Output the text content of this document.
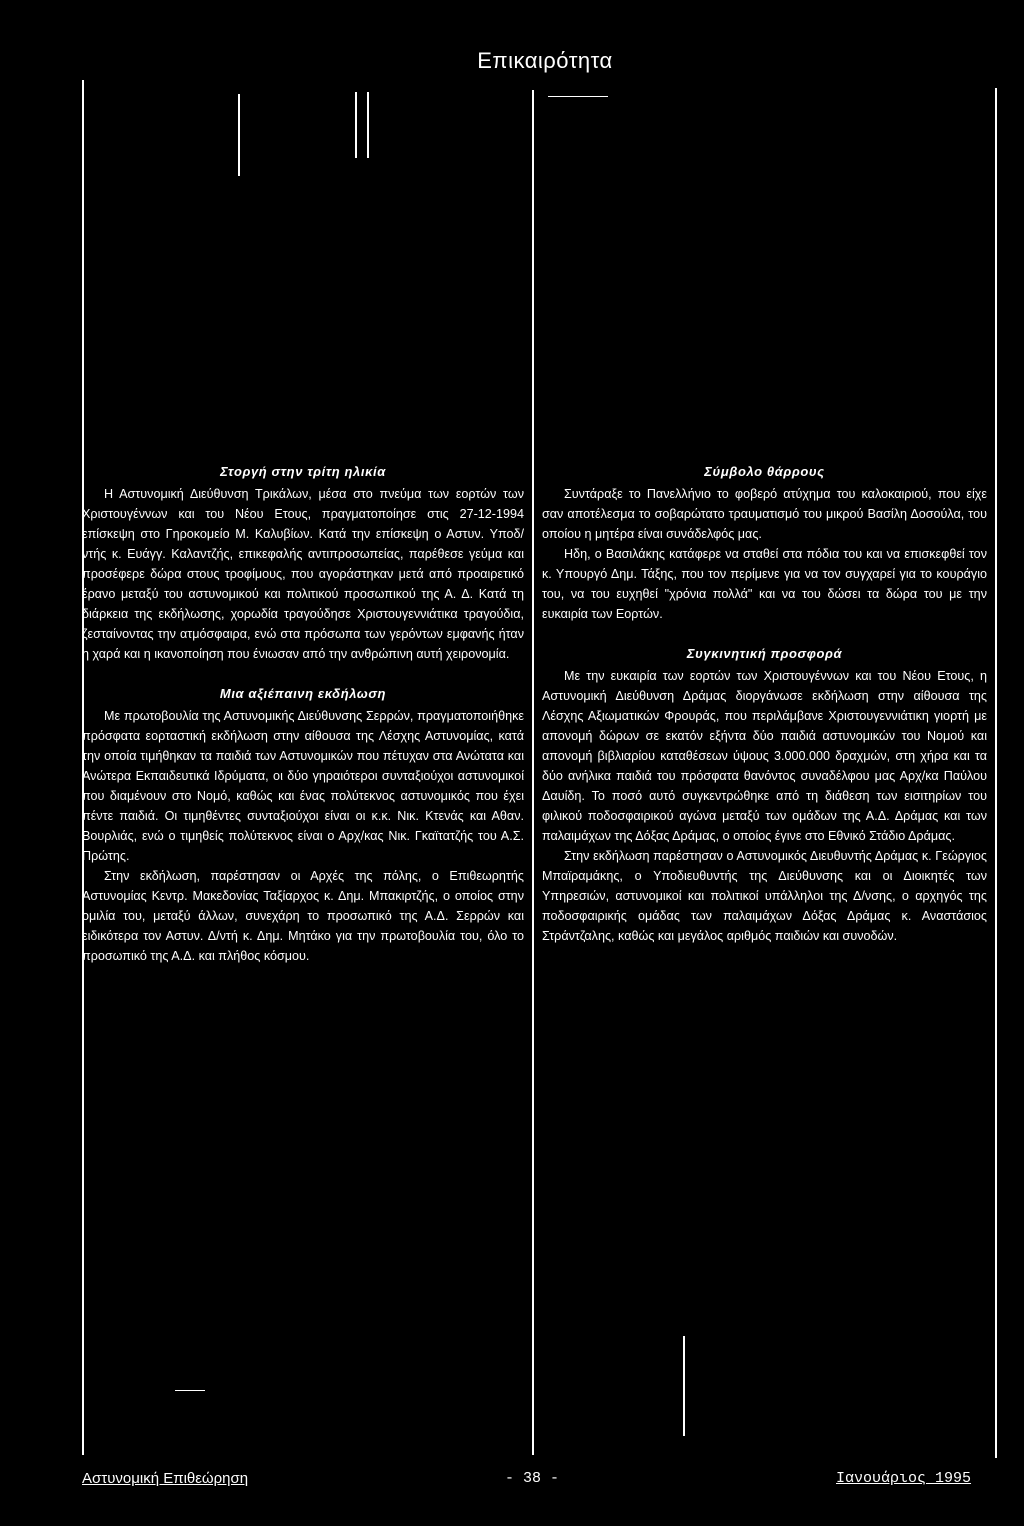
Επικαιρότητα
Στοργή στην τρίτη ηλικία

Η Αστυνομική Διεύθυνση Τρικάλων, μέσα στο πνεύμα των εορτών των Χριστουγέννων και του Νέου Ετους, πραγματοποίησε στις 27-12-1994 επίσκεψη στο Γηροκομείο Μ. Καλυβίων. Κατά την επίσκεψη ο Αστυν. Υποδ/ντής κ. Ευάγγ. Καλαντζής, επικεφαλής αντιπροσωπείας, παρέθεσε γεύμα και προσέφερε δώρα στους τροφίμους, που αγοράστηκαν μετά από προαιρετικό έρανο μεταξύ του αστυνομικού και πολιτικού προσωπικού της Α. Δ. Κατά τη διάρκεια της εκδήλωσης, χορωδία τραγούδησε Χριστουγεννιάτικα τραγούδια, ζεσταίνοντας την ατμόσφαιρα, ενώ στα πρόσωπα των γερόντων εμφανής ήταν η χαρά και η ικανοποίηση που ένιωσαν από την ανθρώπινη αυτή χειρονομία.

Μια αξιέπαινη εκδήλωση

Με πρωτοβουλία της Αστυνομικής Διεύθυνσης Σερρών, πραγματοποιήθηκε πρόσφατα εορταστική εκδήλωση στην αίθουσα της Λέσχης Αστυνομίας, κατά την οποία τιμήθηκαν τα παιδιά των Αστυνομικών που πέτυχαν στα Ανώτατα και Ανώτερα Εκπαιδευτικά Ιδρύματα, οι δύο γηραιότεροι συνταξιούχοι αστυνομικοί που διαμένουν στο Νομό, καθώς και ένας πολύτεκνος αστυνομικός που έχει πέντε παιδιά. Οι τιμηθέντες συνταξιούχοι είναι οι κ.κ. Νικ. Κτενάς και Αθαν. Βουρλιάς, ενώ ο τιμηθείς πολύτεκνος είναι ο Αρχ/κας Νικ. Γκαϊτατζής του Α.Σ. Πρώτης.

Στην εκδήλωση, παρέστησαν οι Αρχές της πόλης, ο Επιθεωρητής Αστυνομίας Κεντρ. Μακεδονίας Ταξίαρχος κ. Δημ. Μπακιρτζής, ο οποίος στην ομιλία του, μεταξύ άλλων, συνεχάρη το προσωπικό της Α.Δ. Σερρών και ειδικότερα τον Αστυν. Δ/ντή κ. Δημ. Μητάκο για την πρωτοβουλία του, όλο το προσωπικό της Α.Δ. και πλήθος κόσμου.

Σύμβολο θάρρους

Συντάραξε το Πανελλήνιο το φοβερό ατύχημα του καλοκαιριού, που είχε σαν αποτέλεσμα το σοβαρώτατο τραυματισμό του μικρού Βασίλη Δοσούλα, του οποίου η μητέρα είναι συνάδελφός μας.

Ηδη, ο Βασιλάκης κατάφερε να σταθεί στα πόδια του και να επισκεφθεί τον κ. Υπουργό Δημ. Τάξης, που τον περίμενε για να τον συγχαρεί για το κουράγιο του, να του ευχηθεί "χρόνια πολλά" και να του δώσει τα δώρα του με την ευκαιρία των Εορτών.

Συγκινητική προσφορά

Με την ευκαιρία των εορτών των Χριστουγέννων και του Νέου Ετους, η Αστυνομική Διεύθυνση Δράμας διοργάνωσε εκδήλωση στην αίθουσα της Λέσχης Αξιωματικών Φρουράς, που περιλάμβανε Χριστουγεννιάτικη γιορτή με απονομή δώρων σε εκατόν εξήντα δύο παιδιά αστυνομικών του Νομού και απονομή βιβλιαρίου καταθέσεων ύψους 3.000.000 δραχμών, στη χήρα και τα δύο ανήλικα παιδιά του πρόσφατα θανόντος συναδέλφου μας Αρχ/κα Παύλου Δαυίδη. Το ποσό αυτό συγκεντρώθηκε από τη διάθεση των εισιτηρίων του φιλικού ποδοσφαιρικού αγώνα μεταξύ των ομάδων της Α.Δ. Δράμας και των παλαιμάχων της Δόξας Δράμας, ο οποίος έγινε στο Εθνικό Στάδιο Δράμας.

Στην εκδήλωση παρέστησαν ο Αστυνομικός Διευθυντής Δράμας κ. Γεώργιος Μπαϊραμάκης, ο Υποδιευθυντής της Διεύθυνσης και οι Διοικητές των Υπηρεσιών, αστυνομικοί και πολιτικοί υπάλληλοι της Δ/νσης, ο αρχηγός της ποδοσφαιρικής ομάδας των παλαιμάχων Δόξας Δράμας κ. Αναστάσιος Στράντζαλης, καθώς και μεγάλος αριθμός παιδιών και συνοδών.

Αστυνομική Επιθεώρηση	- 38 -	Ιανουάριος 1995
